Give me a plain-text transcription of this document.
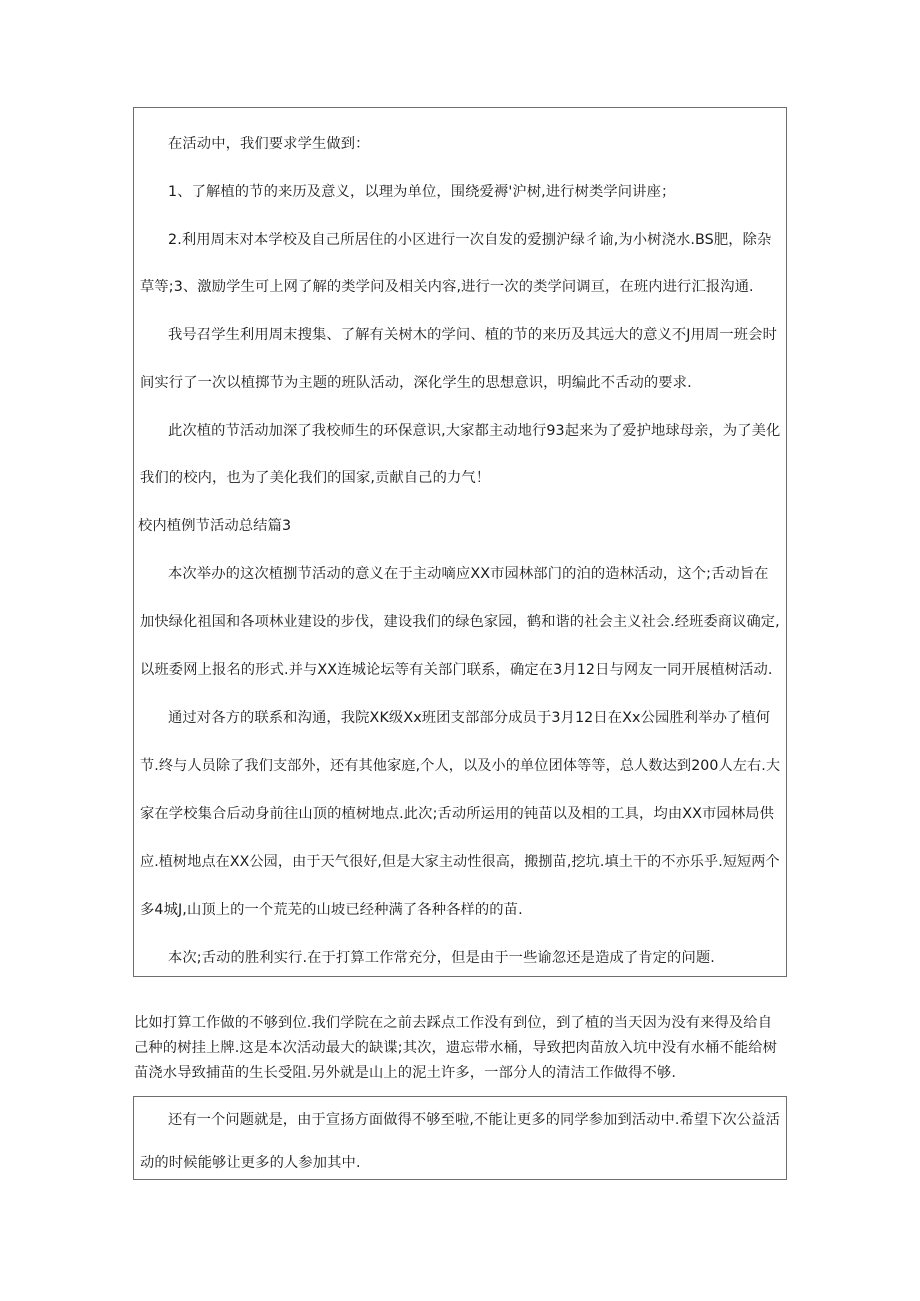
在活动中，我们要求学生做到：
1、了解植的节的来历及意义，以理为单位，围绕爱褥'沪树,进行树类学问讲座；
2.利用周末对本学校及自己所居住的小区进行一次自发的爱捌沪绿彳谕,为小树浇水.BS肥，除杂
草等;3、激励学生可上网了解的类学问及相关内容,进行一次的类学问调亘，在班内进行汇报沟通.
我号召学生利用周末搜集、了解有关树木的学问、植的节的来历及其远大的意义不J用周一班会时
间实行了一次以植掷节为主题的班队活动，深化学生的思想意识，明编此不舌动的要求.
此次植的节活动加深了我校师生的环保意识,大家都主动地行93起来为了爱护地球母亲，为了美化
我们的校内，也为了美化我们的国家,贡献自己的力气！
校内植例节活动总结篇3
本次举办的这次植捌节活动的意义在于主动嘀应XX市园林部门的泊的造林活动，这个;舌动旨在
加快绿化祖国和各项林业建设的步伐，建设我们的绿色家园，鹤和谐的社会主义社会.经班委商议确定,
以班委网上报名的形式.并与XX连城论坛等有关部门联系，确定在3月12日与网友一同开展植树活动.
通过对各方的联系和沟通，我院XK级Xx班团支部部分成员于3月12日在Xx公园胜利举办了植何
节.终与人员除了我们支部外，还有其他家庭,个人，以及小的单位团体等等，总人数达到200人左右.大
家在学校集合后动身前往山顶的植树地点.此次;舌动所运用的钝苗以及相的工具，均由XX市园林局供
应.植树地点在XX公园，由于天气很好,但是大家主动性很高，搬捌苗,挖坑.填土干的不亦乐乎.短短两个
多4城J,山顶上的一个荒芜的山坡已经种满了各种各样的的苗.
本次;舌动的胜利实行.在于打算工作常充分，但是由于一些谕忽还是造成了肯定的问题.
比如打算工作做的不够到位.我们学院在之前去踩点工作没有到位，到了植的当天因为没有来得及给自
己种的树挂上牌.这是本次活动最大的缺谍;其次，遗忘带水桶，导致把肉苗放入坑中没有水桶不能给树
苗浇水导致捕苗的生长受阻.另外就是山上的泥土许多，一部分人的清洁工作做得不够.
还有一个问题就是，由于宣扬方面做得不够至啦,不能让更多的同学参加到活动中.希望下次公益活
动的时候能够让更多的人参加其中.
